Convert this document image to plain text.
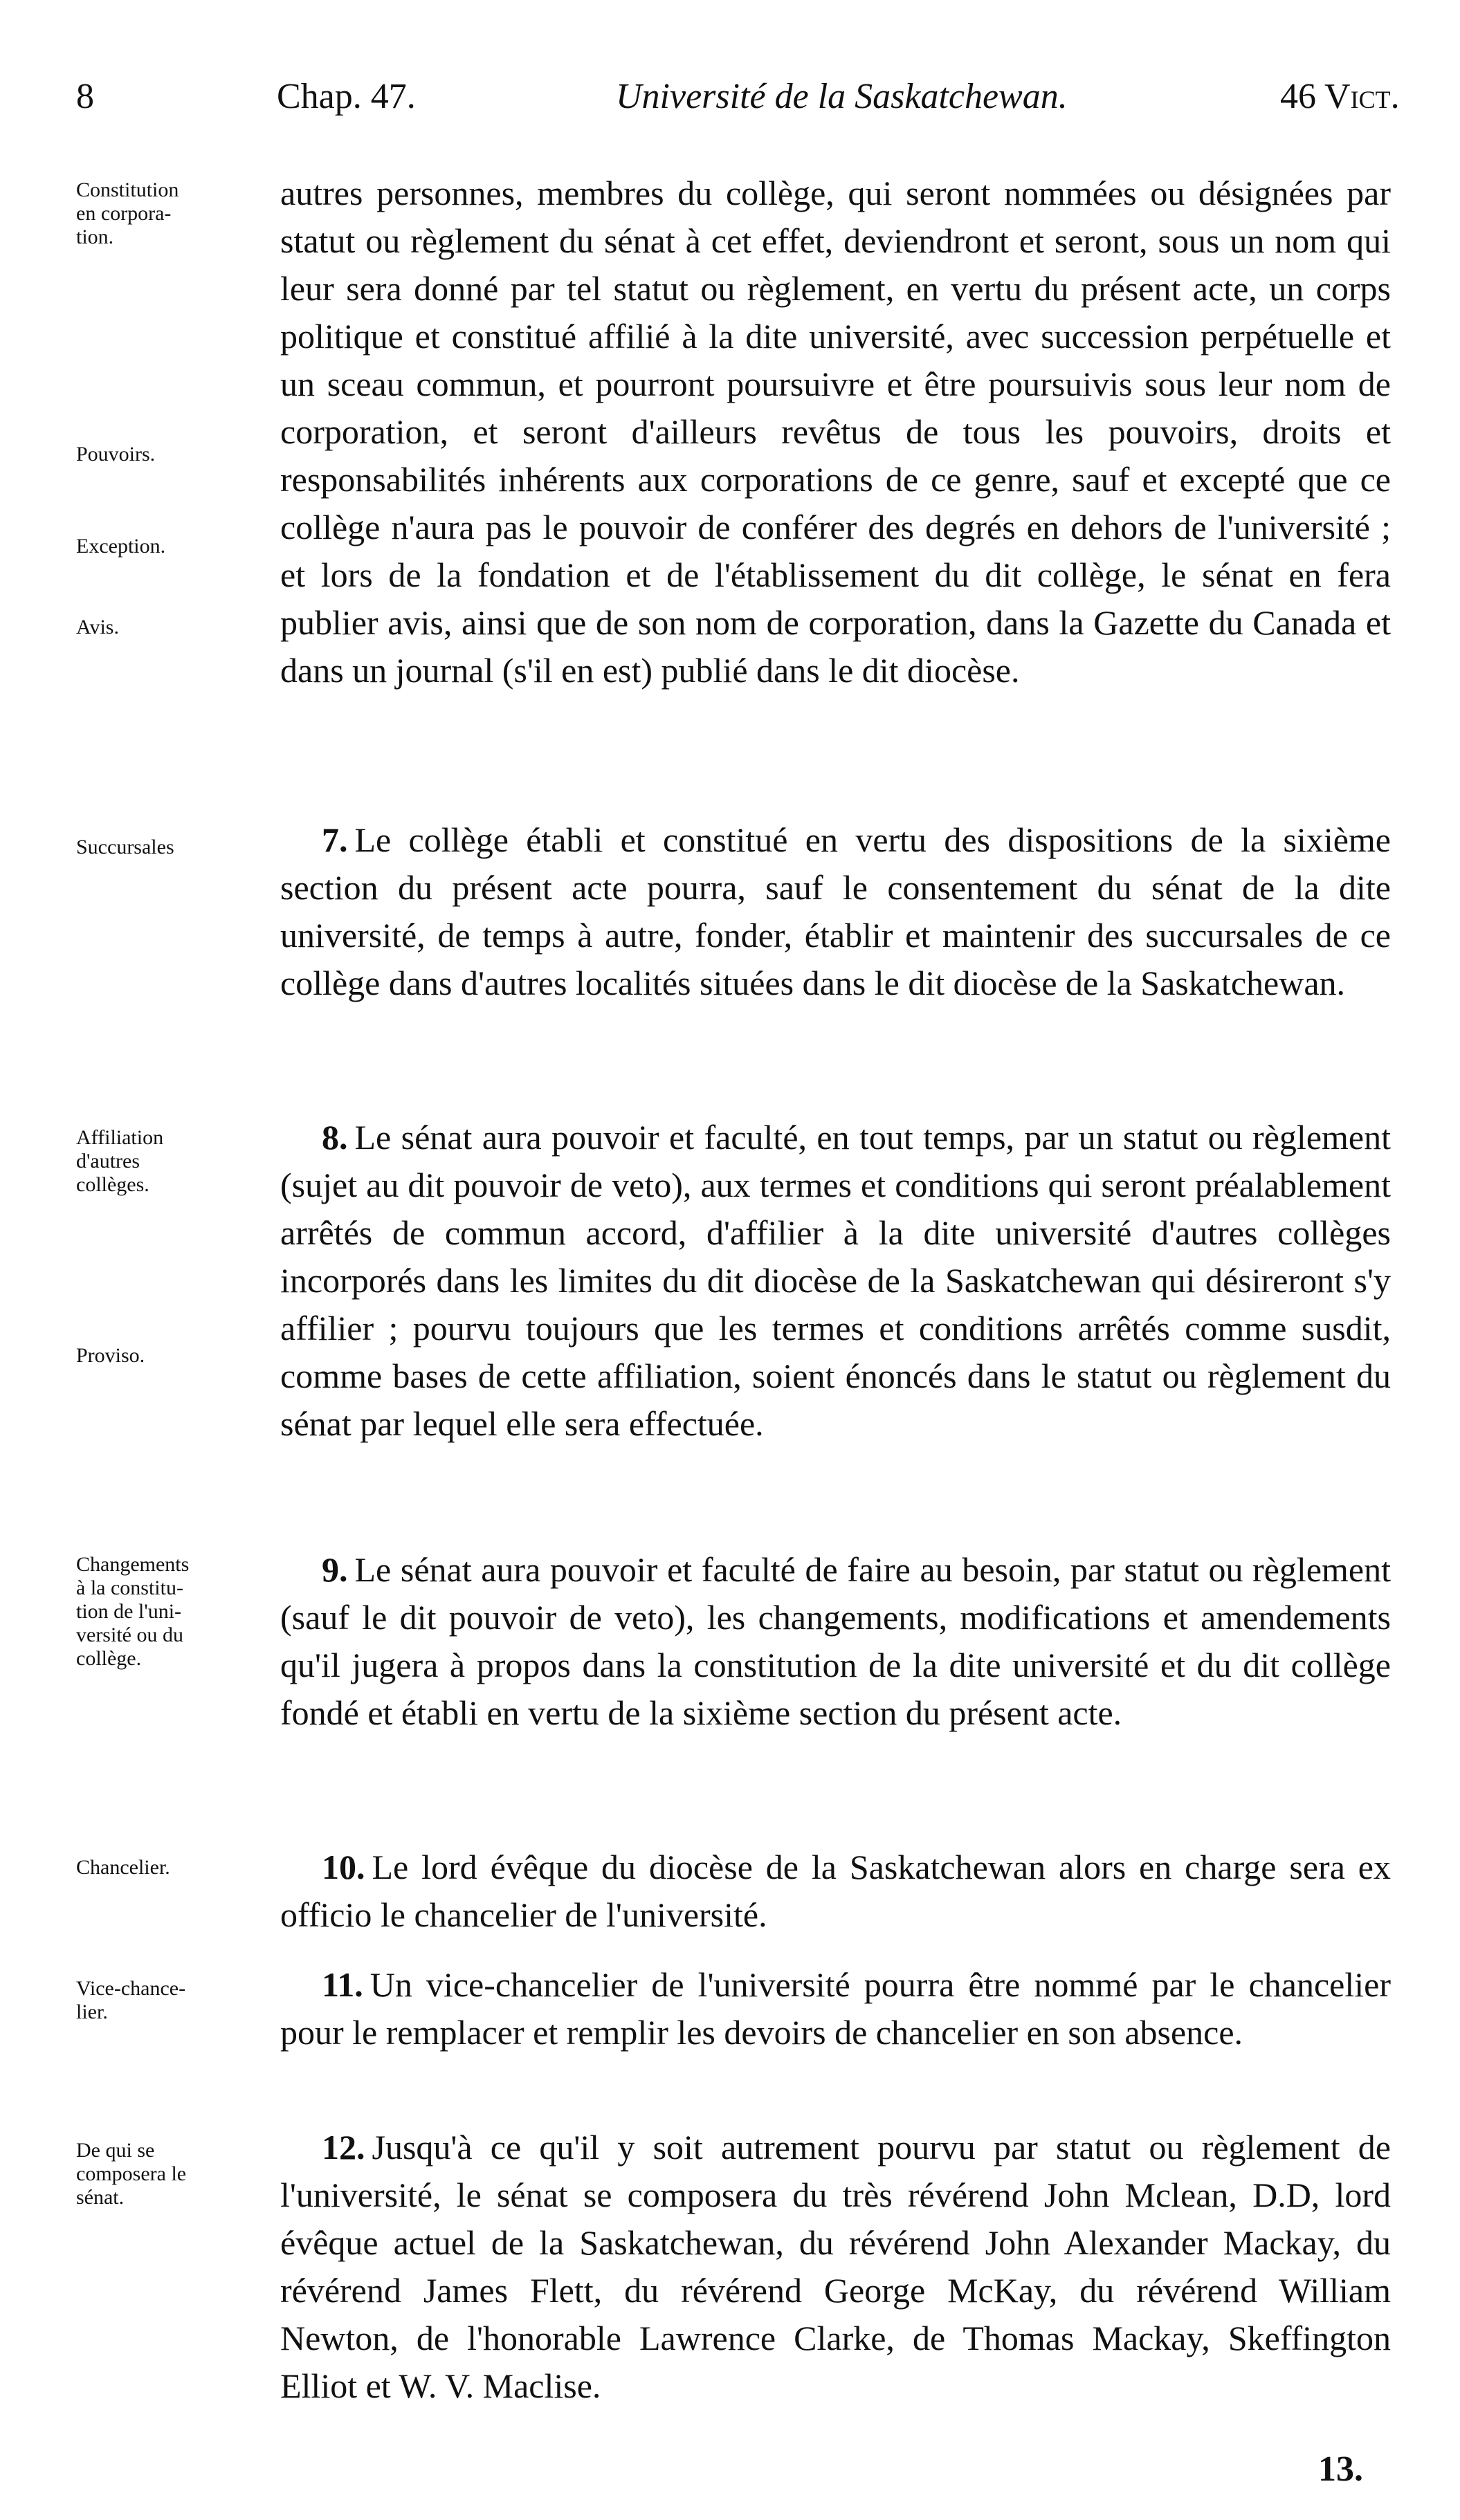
8	Chap. 47.	Université de la Saskatchewan.	46 Vict.
Constitution
en corpora-
tion.
Pouvoirs.
Exception.
Avis.
autres personnes, membres du collège, qui seront nommées ou désignées par statut ou règlement du sénat à cet effet, deviendront et seront, sous un nom qui leur sera donné par tel statut ou règlement, en vertu du présent acte, un corps politique et constitué affilié à la dite université, avec succession perpétuelle et un sceau commun, et pourront poursuivre et être poursuivis sous leur nom de corporation, et seront d'ailleurs revêtus de tous les pouvoirs, droits et responsabilités inhérents aux corporations de ce genre, sauf et excepté que ce collège n'aura pas le pouvoir de conférer des degrés en dehors de l'université ; et lors de la fondation et de l'établissement du dit collège, le sénat en fera publier avis, ainsi que de son nom de corporation, dans la Gazette du Canada et dans un journal (s'il en est) publié dans le dit diocèse.
Succursales	7. Le collège établi et constitué en vertu des dispositions de la sixième section du présent acte pourra, sauf le consentement du sénat de la dite université, de temps à autre, fonder, établir et maintenir des succursales de ce collège dans d'autres localités situées dans le dit diocèse de la Saskatchewan.
Affiliation
d'autres
collèges.
Proviso.
8. Le sénat aura pouvoir et faculté, en tout temps, par un statut ou règlement (sujet au dit pouvoir de veto), aux termes et conditions qui seront préalablement arrêtés de commun accord, d'affilier à la dite université d'autres collèges incorporés dans les limites du dit diocèse de la Saskatchewan qui désireront s'y affilier ; pourvu toujours que les termes et conditions arrêtés comme susdit, comme bases de cette affiliation, soient énoncés dans le statut ou règlement du sénat par lequel elle sera effectuée.
Changements
à la constitu-
tion de l'uni-
versité ou du
collège.
9. Le sénat aura pouvoir et faculté de faire au besoin, par statut ou règlement (sauf le dit pouvoir de veto), les changements, modifications et amendements qu'il jugera à propos dans la constitution de la dite université et du dit collège fondé et établi en vertu de la sixième section du présent acte.
Chancelier.	10. Le lord évêque du diocèse de la Saskatchewan alors en charge sera ex officio le chancelier de l'université.
Vice-chance-
lier.
11. Un vice-chancelier de l'université pourra être nommé par le chancelier pour le remplacer et remplir les devoirs de chancelier en son absence.
De qui se
composera le
sénat.
12. Jusqu'à ce qu'il y soit autrement pourvu par statut ou règlement de l'université, le sénat se composera du très révérend John Mclean, D.D, lord évêque actuel de la Saskatchewan, du révérend John Alexander Mackay, du révérend James Flett, du révérend George McKay, du révérend William Newton, de l'honorable Lawrence Clarke, de Thomas Mackay, Skeffington Elliot et W. V. Maclise.
13.
